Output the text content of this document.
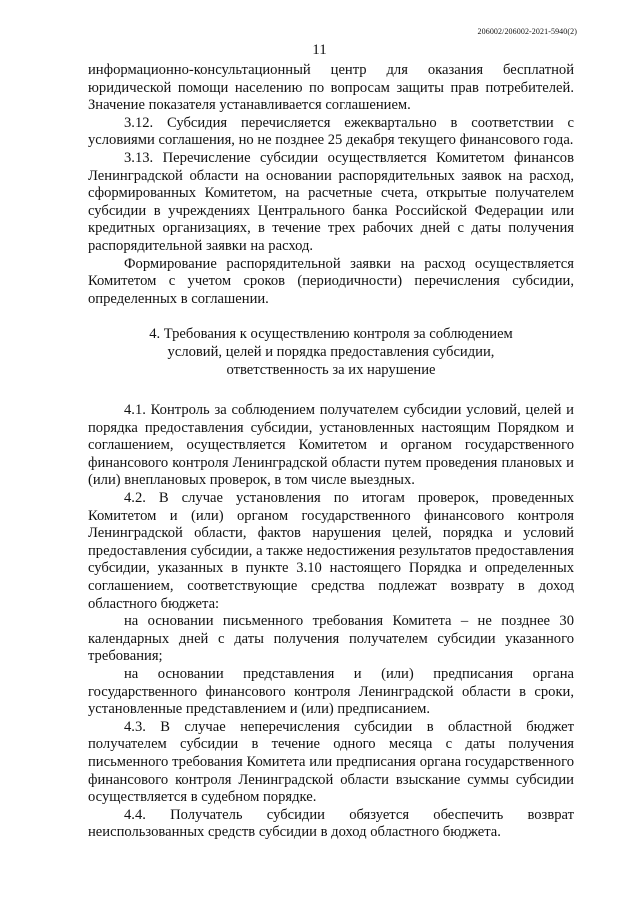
206002/206002-2021-5940(2)
11

информационно-консультационный центр для оказания бесплатной юридической помощи населению по вопросам защиты прав потребителей. Значение показателя устанавливается соглашением.

3.12. Субсидия перечисляется ежеквартально в соответствии с условиями соглашения, но не позднее 25 декабря текущего финансового года.

3.13. Перечисление субсидии осуществляется Комитетом финансов Ленинградской области на основании распорядительных заявок на расход, сформированных Комитетом, на расчетные счета, открытые получателем субсидии в учреждениях Центрального банка Российской Федерации или кредитных организациях, в течение трех рабочих дней с даты получения распорядительной заявки на расход.

Формирование распорядительной заявки на расход осуществляется Комитетом с учетом сроков (периодичности) перечисления субсидии, определенных в соглашении.

4. Требования к осуществлению контроля за соблюдением
условий, целей и порядка предоставления субсидии,
ответственность за их нарушение

4.1. Контроль за соблюдением получателем субсидии условий, целей и порядка предоставления субсидии, установленных настоящим Порядком и соглашением, осуществляется Комитетом и органом государственного финансового контроля Ленинградской области путем проведения плановых и (или) внеплановых проверок, в том числе выездных.

4.2. В случае установления по итогам проверок, проведенных Комитетом и (или) органом государственного финансового контроля Ленинградской области, фактов нарушения целей, порядка и условий предоставления субсидии, а также недостижения результатов предоставления субсидии, указанных в пункте 3.10 настоящего Порядка и определенных соглашением, соответствующие средства подлежат возврату в доход областного бюджета:

на основании письменного требования Комитета – не позднее 30 календарных дней с даты получения получателем субсидии указанного требования;

на основании представления и (или) предписания органа государственного финансового контроля Ленинградской области в сроки, установленные представлением и (или) предписанием.

4.3. В случае неперечисления субсидии в областной бюджет получателем субсидии в течение одного месяца с даты получения письменного требования Комитета или предписания органа государственного финансового контроля Ленинградской области взыскание суммы субсидии осуществляется в судебном порядке.

4.4. Получатель субсидии обязуется обеспечить возврат неиспользованных средств субсидии в доход областного бюджета.
